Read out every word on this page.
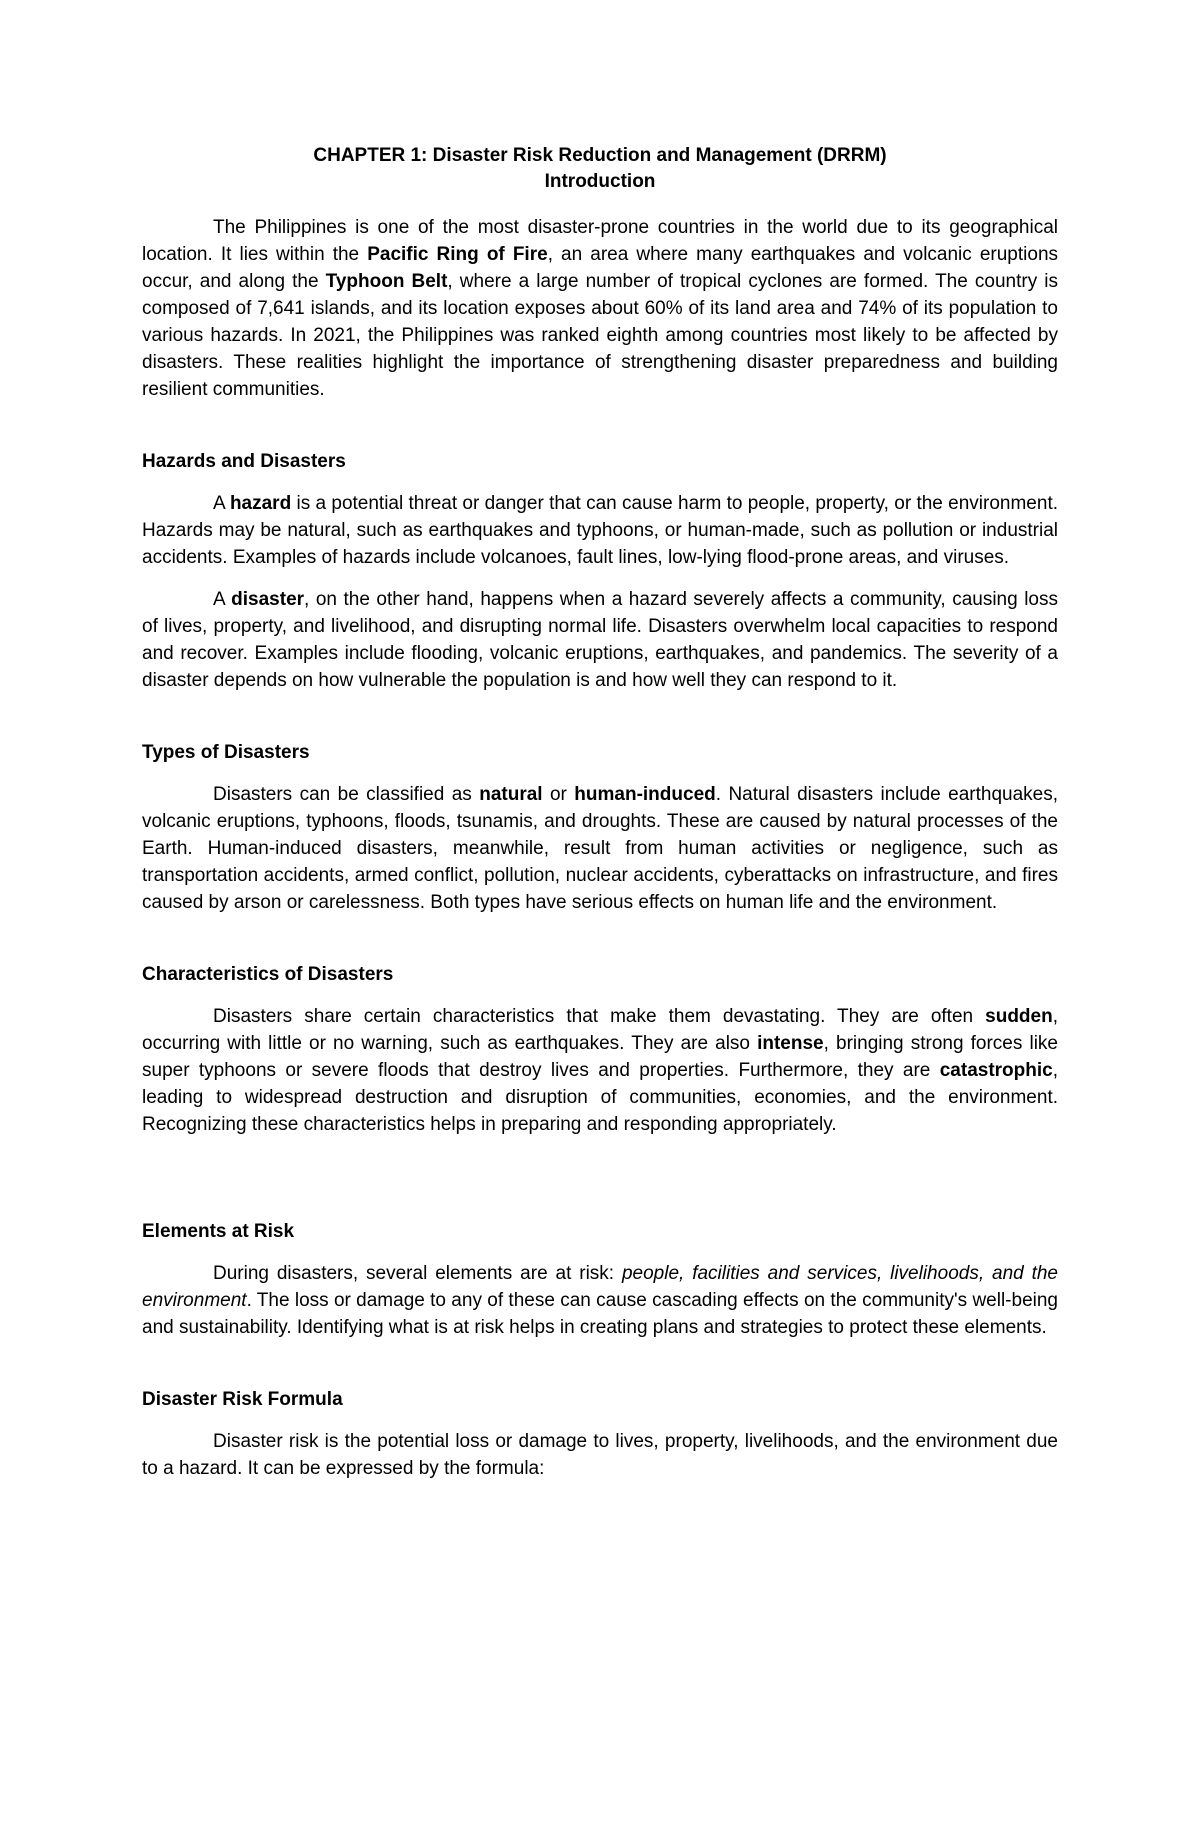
CHAPTER 1: Disaster Risk Reduction and Management (DRRM)

Introduction

The Philippines is one of the most disaster-prone countries in the world due to its geographical location. It lies within the Pacific Ring of Fire, an area where many earthquakes and volcanic eruptions occur, and along the Typhoon Belt, where a large number of tropical cyclones are formed. The country is composed of 7,641 islands, and its location exposes about 60% of its land area and 74% of its population to various hazards. In 2021, the Philippines was ranked eighth among countries most likely to be affected by disasters. These realities highlight the importance of strengthening disaster preparedness and building resilient communities.

Hazards and Disasters

A hazard is a potential threat or danger that can cause harm to people, property, or the environment. Hazards may be natural, such as earthquakes and typhoons, or human-made, such as pollution or industrial accidents. Examples of hazards include volcanoes, fault lines, low-lying flood-prone areas, and viruses.

A disaster, on the other hand, happens when a hazard severely affects a community, causing loss of lives, property, and livelihood, and disrupting normal life. Disasters overwhelm local capacities to respond and recover. Examples include flooding, volcanic eruptions, earthquakes, and pandemics. The severity of a disaster depends on how vulnerable the population is and how well they can respond to it.

Types of Disasters

Disasters can be classified as natural or human-induced. Natural disasters include earthquakes, volcanic eruptions, typhoons, floods, tsunamis, and droughts. These are caused by natural processes of the Earth. Human-induced disasters, meanwhile, result from human activities or negligence, such as transportation accidents, armed conflict, pollution, nuclear accidents, cyberattacks on infrastructure, and fires caused by arson or carelessness. Both types have serious effects on human life and the environment.

Characteristics of Disasters

Disasters share certain characteristics that make them devastating. They are often sudden, occurring with little or no warning, such as earthquakes. They are also intense, bringing strong forces like super typhoons or severe floods that destroy lives and properties. Furthermore, they are catastrophic, leading to widespread destruction and disruption of communities, economies, and the environment. Recognizing these characteristics helps in preparing and responding appropriately.

Elements at Risk

During disasters, several elements are at risk: people, facilities and services, livelihoods, and the environment. The loss or damage to any of these can cause cascading effects on the community's well-being and sustainability. Identifying what is at risk helps in creating plans and strategies to protect these elements.

Disaster Risk Formula

Disaster risk is the potential loss or damage to lives, property, livelihoods, and the environment due to a hazard. It can be expressed by the formula:
